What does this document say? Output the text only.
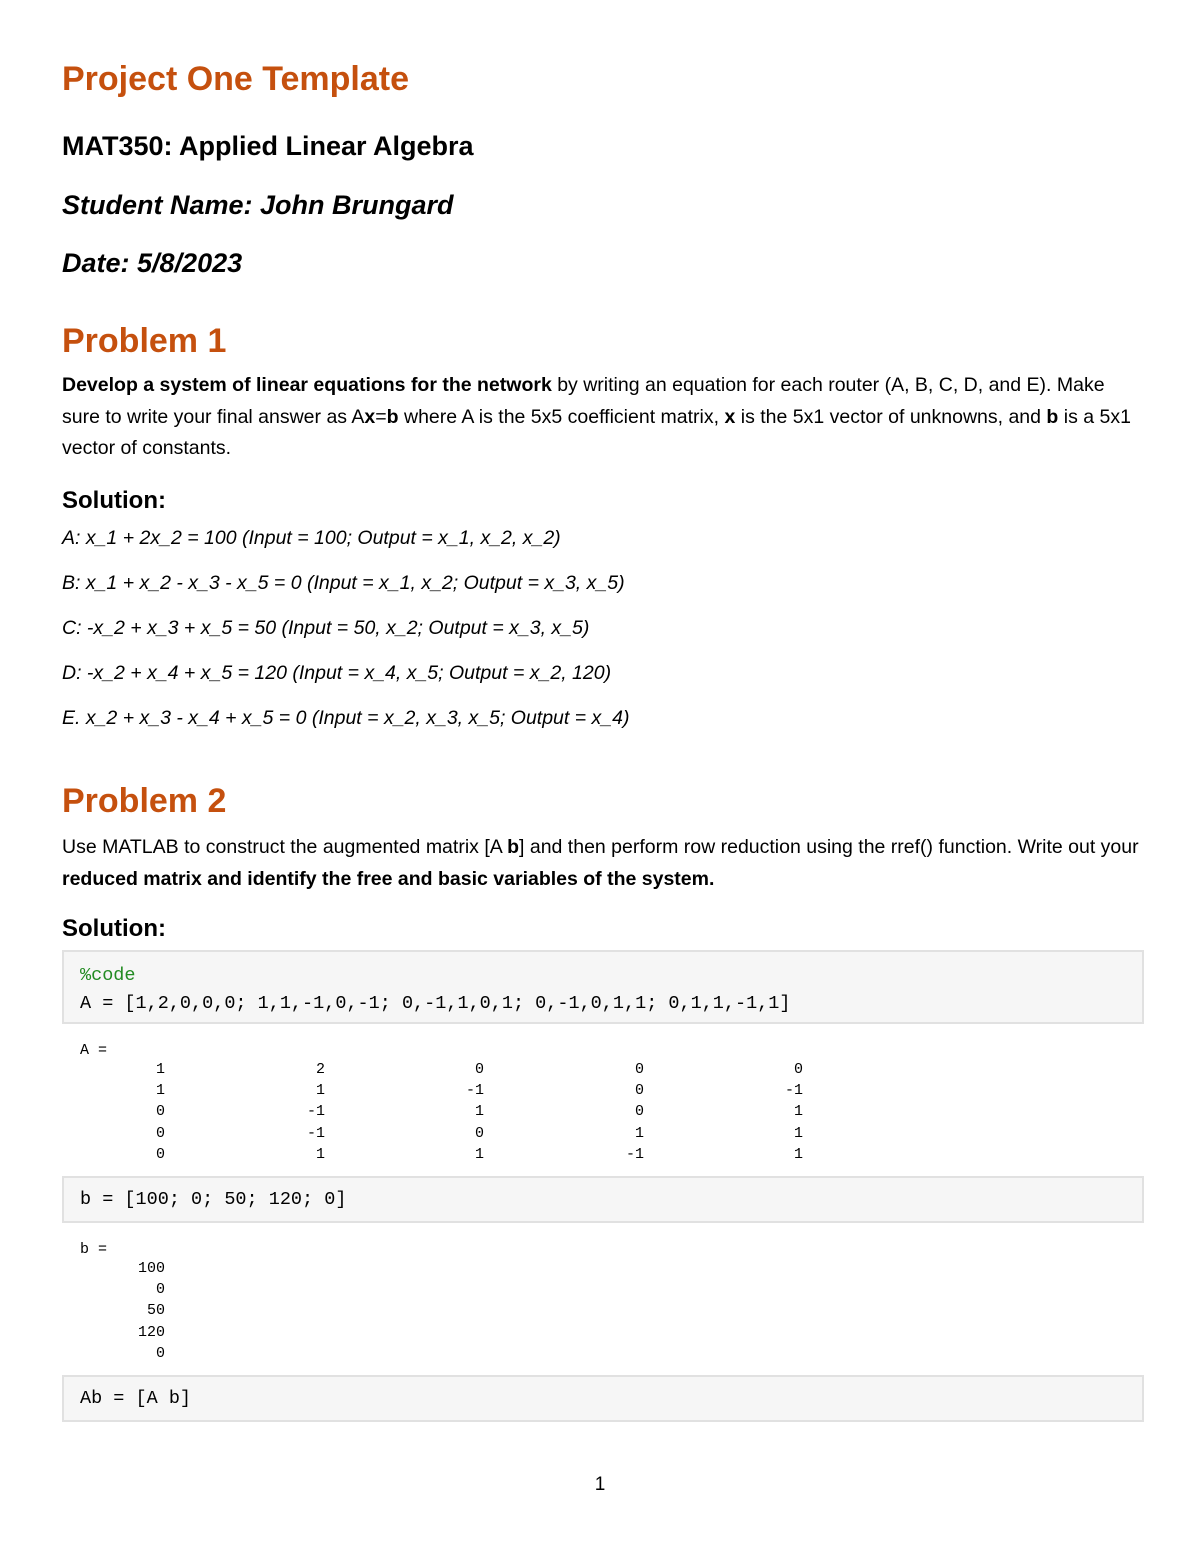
Project One Template

MAT350: Applied Linear Algebra

Student Name: John Brungard

Date: 5/8/2023

Problem 1

Develop a system of linear equations for the network by writing an equation for each router (A, B, C, D, and E). Make sure to write your final answer as Ax=b where A is the 5x5 coefficient matrix, x is the 5x1 vector of unknowns, and b is a 5x1 vector of constants.

Solution:

A: x_1 + 2x_2 = 100 (Input = 100; Output = x_1, x_2, x_2)

B: x_1 + x_2 - x_3 - x_5 = 0 (Input = x_1, x_2; Output = x_3, x_5)

C: -x_2 + x_3 + x_5 = 50 (Input = 50, x_2; Output = x_3, x_5)

D: -x_2 + x_4 + x_5 = 120 (Input = x_4, x_5; Output = x_2, 120)

E. x_2 + x_3 - x_4 + x_5 = 0 (Input = x_2, x_3, x_5; Output = x_4)

Problem 2

Use MATLAB to construct the augmented matrix [A b] and then perform row reduction using the rref() function. Write out your reduced matrix and identify the free and basic variables of the system.

Solution:
%code
A = [1,2,0,0,0; 1,1,-1,0,-1; 0,-1,1,0,1; 0,-1,0,1,1; 0,1,1,-1,1]
A =
1	2	0	0	0
1	1	-1	0	-1
0	-1	1	0	1
0	-1	0	1	1
0	1	1	-1	1
b = [100; 0; 50; 120; 0]
b =
100
0
50
120
0
Ab = [A b]
1
